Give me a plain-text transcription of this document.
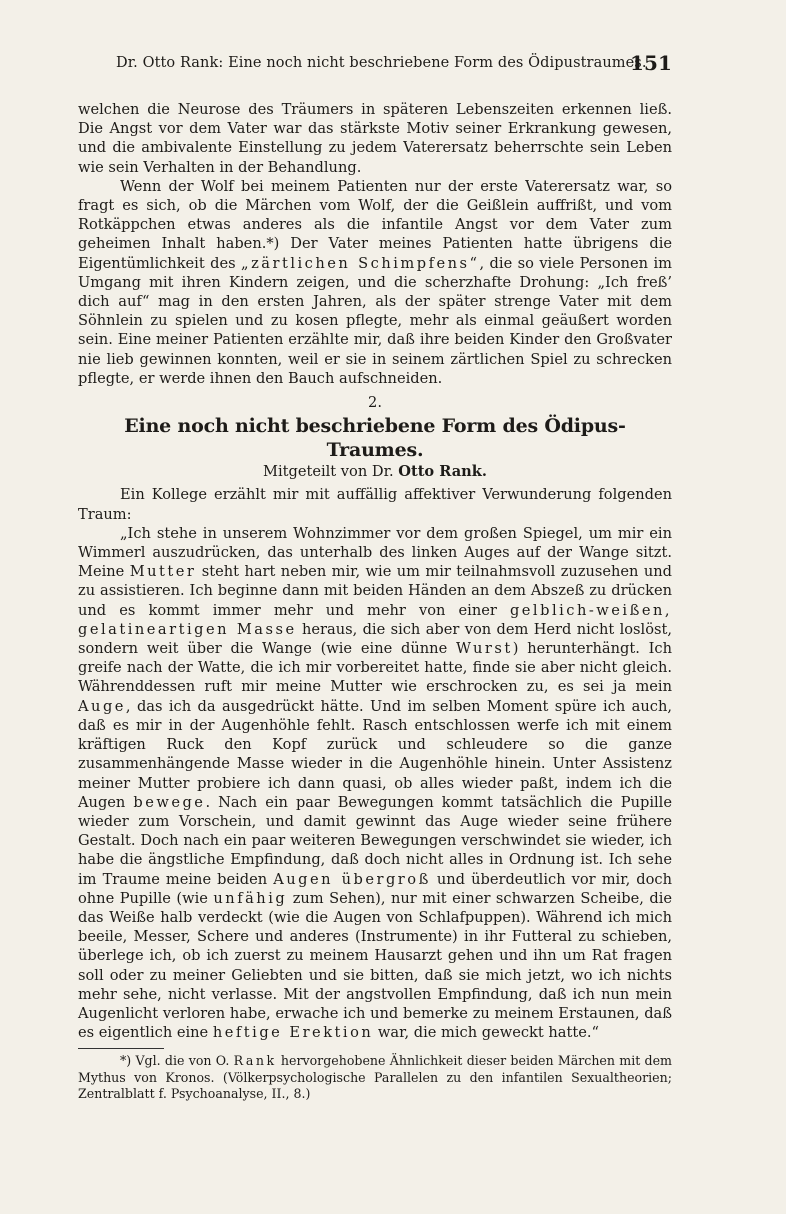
Dr. Otto Rank: Eine noch nicht beschriebene Form des Ödipustraumes.
151

welchen die Neurose des Träumers in späteren Lebenszeiten erkennen ließ. Die Angst vor dem Vater war das stärkste Motiv seiner Erkrankung gewesen, und die ambivalente Einstellung zu jedem Vaterersatz beherrschte sein Leben wie sein Verhalten in der Behandlung.

Wenn der Wolf bei meinem Patienten nur der erste Vaterersatz war, so fragt es sich, ob die Märchen vom Wolf, der die Geißlein auffrißt, und vom Rotkäppchen etwas anderes als die infantile Angst vor dem Vater zum geheimen Inhalt haben.*) Der Vater meines Patienten hatte übrigens die Eigentümlichkeit des „zärtlichen Schimpfens“, die so viele Personen im Umgang mit ihren Kindern zeigen, und die scherzhafte Drohung: „Ich freß’ dich auf“ mag in den ersten Jahren, als der später strenge Vater mit dem Söhnlein zu spielen und zu kosen pflegte, mehr als einmal geäußert worden sein. Eine meiner Patienten erzählte mir, daß ihre beiden Kinder den Großvater nie lieb gewinnen konnten, weil er sie in seinem zärtlichen Spiel zu schrecken pflegte, er werde ihnen den Bauch aufschneiden.

2.
Eine noch nicht beschriebene Form des Ödipus-Traumes.
Mitgeteilt von Dr. Otto Rank.

Ein Kollege erzählt mir mit auffällig affektiver Verwunderung folgenden Traum:

„Ich stehe in unserem Wohnzimmer vor dem großen Spiegel, um mir ein Wimmerl auszudrücken, das unterhalb des linken Auges auf der Wange sitzt. Meine Mutter steht hart neben mir, wie um mir teilnahmsvoll zuzusehen und zu assistieren. Ich beginne dann mit beiden Händen an dem Abszeß zu drücken und es kommt immer mehr und mehr von einer gelblich-weißen, gelatineartigen Masse heraus, die sich aber von dem Herd nicht loslöst, sondern weit über die Wange (wie eine dünne Wurst) herunterhängt. Ich greife nach der Watte, die ich mir vorbereitet hatte, finde sie aber nicht gleich. Währenddessen ruft mir meine Mutter wie erschrocken zu, es sei ja mein Auge, das ich da ausgedrückt hätte. Und im selben Moment spüre ich auch, daß es mir in der Augenhöhle fehlt. Rasch entschlossen werfe ich mit einem kräftigen Ruck den Kopf zurück und schleudere so die ganze zusammenhängende Masse wieder in die Augenhöhle hinein. Unter Assistenz meiner Mutter probiere ich dann quasi, ob alles wieder paßt, indem ich die Augen bewege. Nach ein paar Bewegungen kommt tatsächlich die Pupille wieder zum Vorschein, und damit gewinnt das Auge wieder seine frühere Gestalt. Doch nach ein paar weiteren Bewegungen verschwindet sie wieder, ich habe die ängstliche Empfindung, daß doch nicht alles in Ordnung ist. Ich sehe im Traume meine beiden Augen übergroß und überdeutlich vor mir, doch ohne Pupille (wie unfähig zum Sehen), nur mit einer schwarzen Scheibe, die das Weiße halb verdeckt (wie die Augen von Schlafpuppen). Während ich mich beeile, Messer, Schere und anderes (Instrumente) in ihr Futteral zu schieben, überlege ich, ob ich zuerst zu meinem Hausarzt gehen und ihn um Rat fragen soll oder zu meiner Geliebten und sie bitten, daß sie mich jetzt, wo ich nichts mehr sehe, nicht verlasse. Mit der angstvollen Empfindung, daß ich nun mein Augenlicht verloren habe, erwache ich und bemerke zu meinem Erstaunen, daß es eigentlich eine heftige Erektion war, die mich geweckt hatte.“

*) Vgl. die von O. Rank hervorgehobene Ähnlichkeit dieser beiden Märchen mit dem Mythus von Kronos. (Völkerpsychologische Parallelen zu den infantilen Sexualtheorien; Zentralblatt f. Psychoanalyse, II., 8.)
